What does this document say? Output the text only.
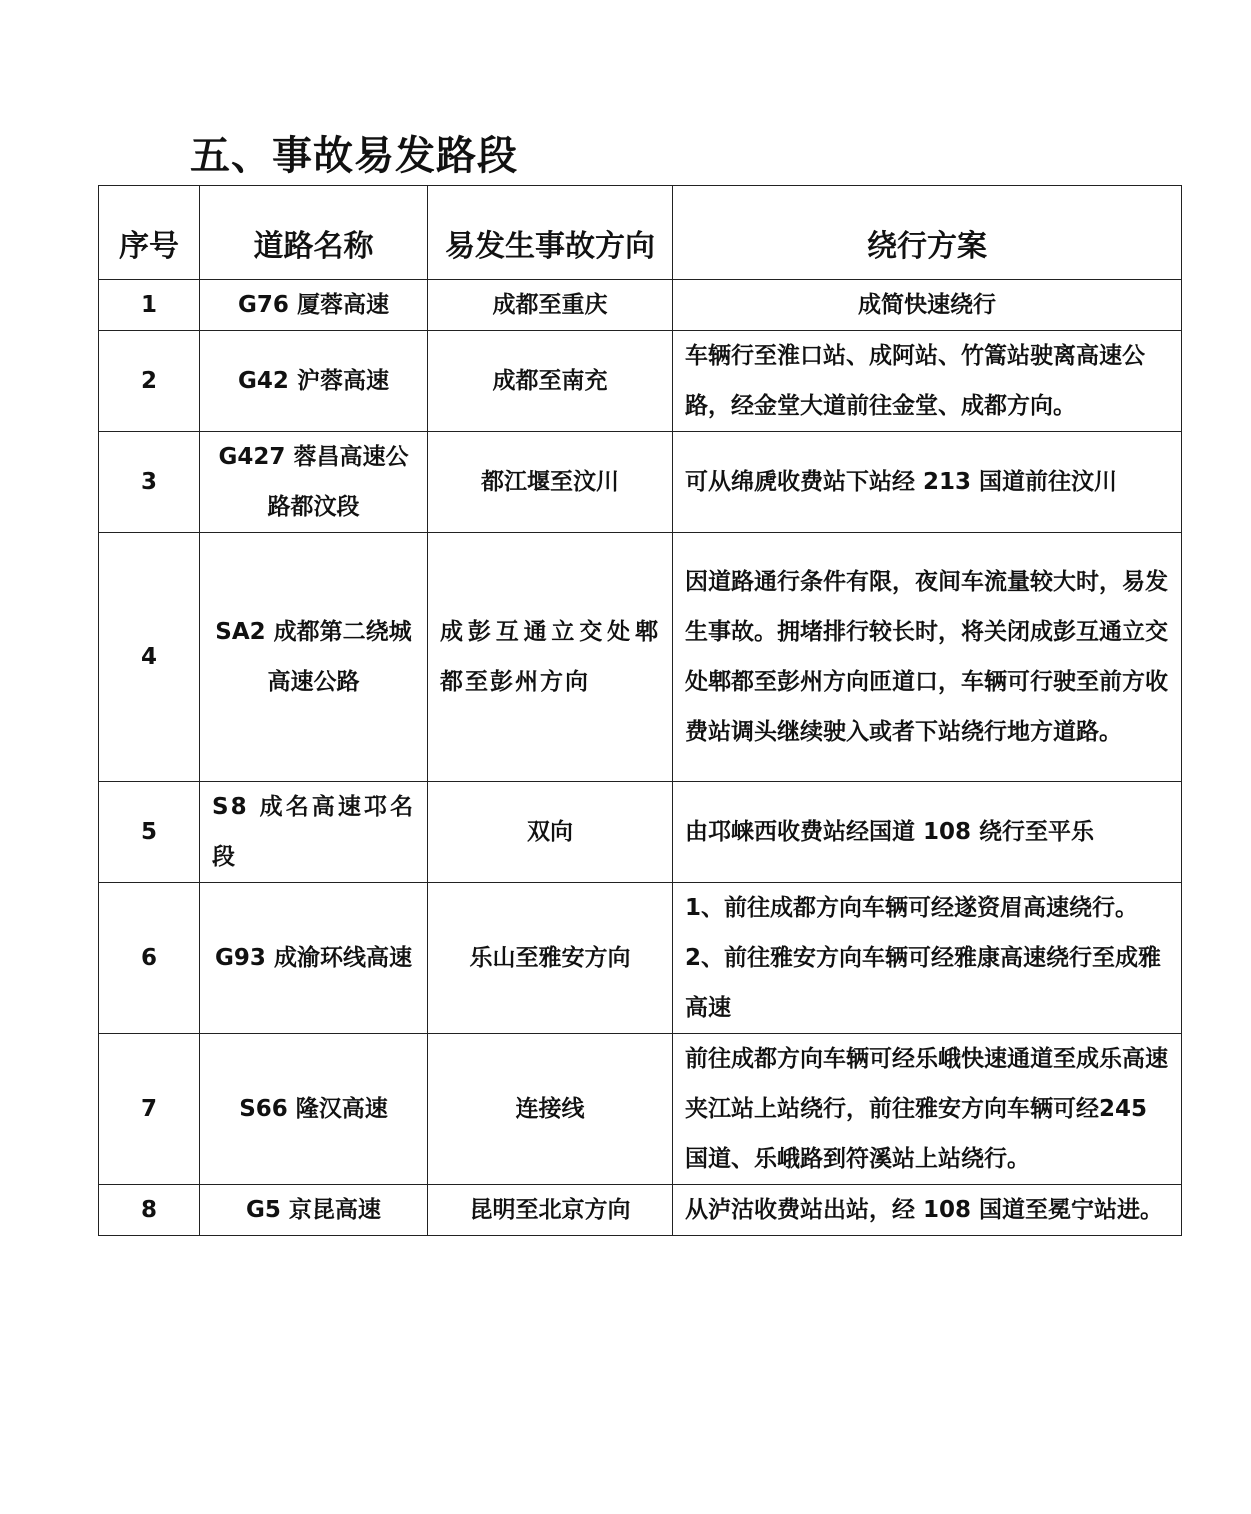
五、事故易发路段
序号	道路名称	易发生事故方向	绕行方案
1	G76 厦蓉高速	成都至重庆	成简快速绕行
2	G42 沪蓉高速	成都至南充	车辆行至淮口站、成阿站、竹篙站驶离高速公路，经金堂大道前往金堂、成都方向。
3	G427 蓉昌高速公路都汶段	都江堰至汶川	可从绵虒收费站下站经 213 国道前往汶川
4	SA2 成都第二绕城高速公路	成彭互通立交处郫都至彭州方向	因道路通行条件有限，夜间车流量较大时，易发生事故。拥堵排行较长时，将关闭成彭互通立交处郫都至彭州方向匝道口，车辆可行驶至前方收费站调头继续驶入或者下站绕行地方道路。
5	S8 成名高速邛名段	双向	由邛崃西收费站经国道 108 绕行至平乐
6	G93 成渝环线高速	乐山至雅安方向	1、前往成都方向车辆可经遂资眉高速绕行。2、前往雅安方向车辆可经雅康高速绕行至成雅高速
7	S66 隆汉高速	连接线	前往成都方向车辆可经乐峨快速通道至成乐高速夹江站上站绕行，前往雅安方向车辆可经245 国道、乐峨路到符溪站上站绕行。
8	G5 京昆高速	昆明至北京方向	从泸沽收费站出站，经 108 国道至冕宁站进。
